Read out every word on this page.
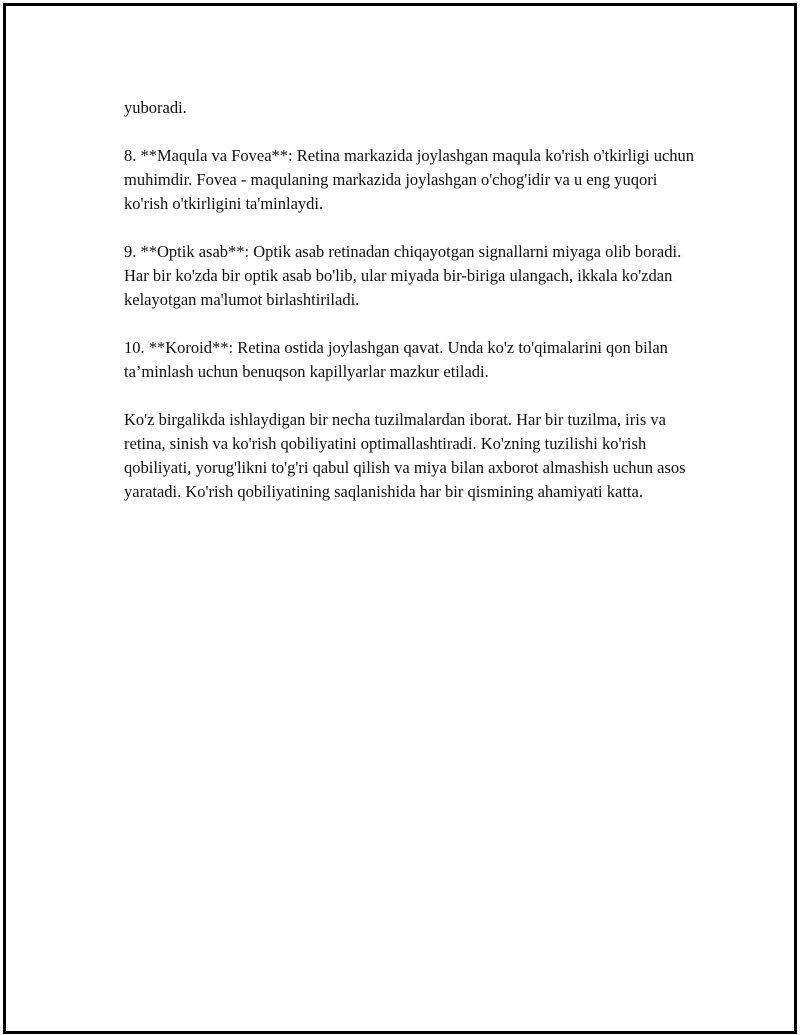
yuboradi.

8. **Maqula va Fovea**: Retina markazida joylashgan maqula ko'rish o'tkirligi uchun muhimdir. Fovea - maqulaning markazida joylashgan o'chog'idir va u eng yuqori ko'rish o'tkirligini ta'minlaydi.

9. **Optik asab**: Optik asab retinadan chiqayotgan signallarni miyaga olib boradi. Har bir ko'zda bir optik asab bo'lib, ular miyada bir-biriga ulangach, ikkala ko'zdan kelayotgan ma'lumot birlashtiriladi.

10. **Koroid**: Retina ostida joylashgan qavat. Unda ko'z to'qimalarini qon bilan ta’minlash uchun benuqson kapillyarlar mazkur etiladi.

Ko'z birgalikda ishlaydigan bir necha tuzilmalardan iborat. Har bir tuzilma, iris va retina, sinish va ko'rish qobiliyatini optimallashtiradi. Ko'zning tuzilishi ko'rish qobiliyati, yorug'likni to'g'ri qabul qilish va miya bilan axborot almashish uchun asos yaratadi. Ko'rish qobiliyatining saqlanishida har bir qismining ahamiyati katta.
